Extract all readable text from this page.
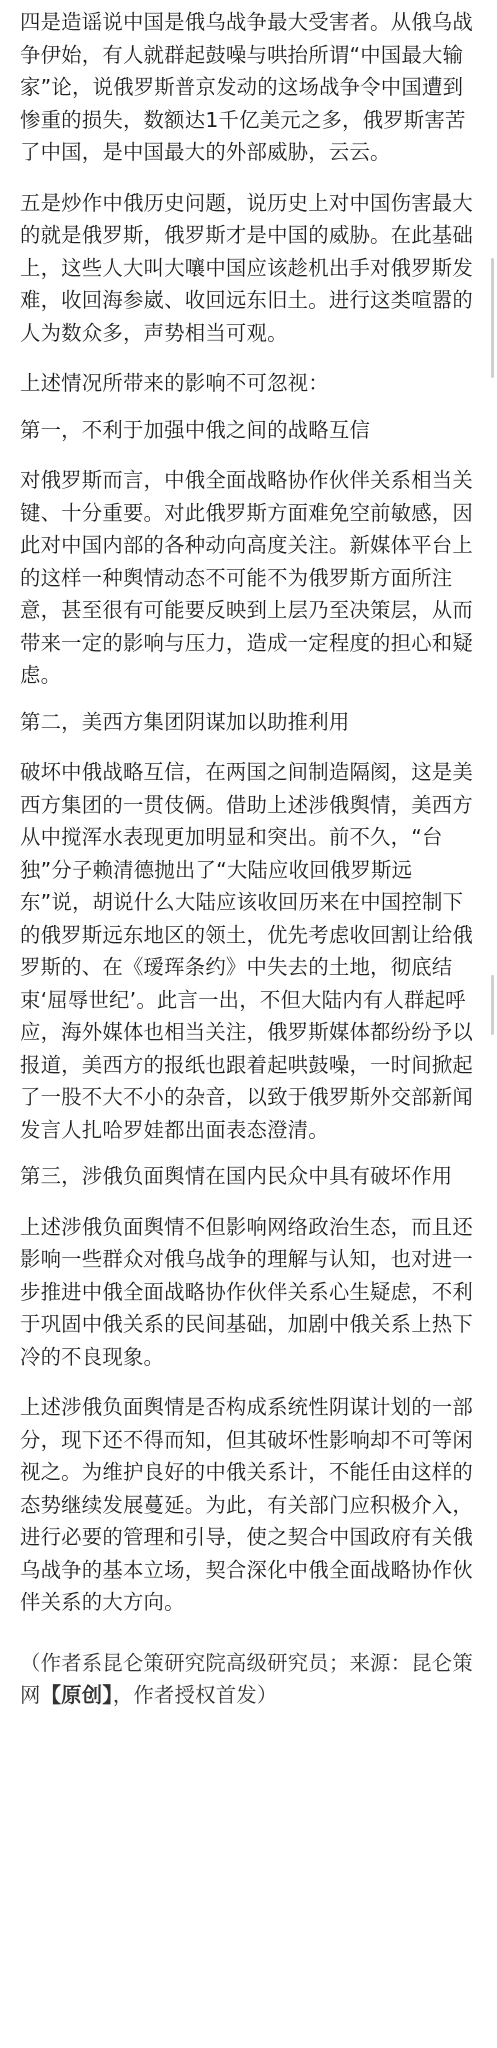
四是造谣说中国是俄乌战争最大受害者。从俄乌战争伊始，有人就群起鼓噪与哄抬所谓“中国最大输家”论，说俄罗斯普京发动的这场战争令中国遭到惨重的损失，数额达1千亿美元之多，俄罗斯害苦了中国，是中国最大的外部威胁，云云。

五是炒作中俄历史问题，说历史上对中国伤害最大的就是俄罗斯，俄罗斯才是中国的威胁。在此基础上，这些人大叫大嚷中国应该趁机出手对俄罗斯发难，收回海参崴、收回远东旧土。进行这类喧嚣的人为数众多，声势相当可观。

上述情况所带来的影响不可忽视：

第一，不利于加强中俄之间的战略互信

对俄罗斯而言，中俄全面战略协作伙伴关系相当关键、十分重要。对此俄罗斯方面难免空前敏感，因此对中国内部的各种动向高度关注。新媒体平台上的这样一种舆情动态不可能不为俄罗斯方面所注意，甚至很有可能要反映到上层乃至决策层，从而带来一定的影响与压力，造成一定程度的担心和疑虑。

第二，美西方集团阴谋加以助推利用

破坏中俄战略互信，在两国之间制造隔阂，这是美西方集团的一贯伎俩。借助上述涉俄舆情，美西方从中搅浑水表现更加明显和突出。前不久，“台独”分子赖清德抛出了“大陆应收回俄罗斯远东”说，胡说什么大陆应该收回历来在中国控制下的俄罗斯远东地区的领土，优先考虑收回割让给俄罗斯的、在《瑷珲条约》中失去的土地，彻底结束‘屈辱世纪’。此言一出，不但大陆内有人群起呼应，海外媒体也相当关注，俄罗斯媒体都纷纷予以报道，美西方的报纸也跟着起哄鼓噪，一时间掀起了一股不大不小的杂音，以致于俄罗斯外交部新闻发言人扎哈罗娃都出面表态澄清。

第三，涉俄负面舆情在国内民众中具有破坏作用

上述涉俄负面舆情不但影响网络政治生态，而且还影响一些群众对俄乌战争的理解与认知，也对进一步推进中俄全面战略协作伙伴关系心生疑虑，不利于巩固中俄关系的民间基础，加剧中俄关系上热下冷的不良现象。

上述涉俄负面舆情是否构成系统性阴谋计划的一部分，现下还不得而知，但其破坏性影响却不可等闲视之。为维护良好的中俄关系计，不能任由这样的态势继续发展蔓延。为此，有关部门应积极介入，进行必要的管理和引导，使之契合中国政府有关俄乌战争的基本立场，契合深化中俄全面战略协作伙伴关系的大方向。

（作者系昆仑策研究院高级研究员；来源：昆仑策网【原创】，作者授权首发）
